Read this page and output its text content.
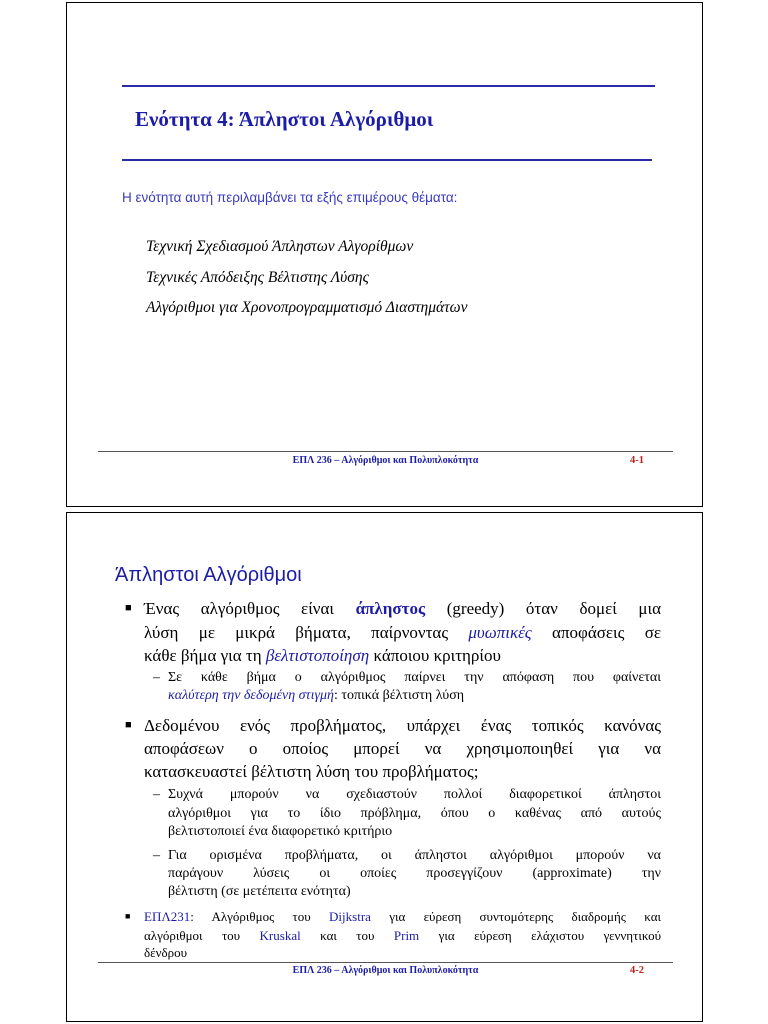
Ενότητα 4: Άπληστοι Αλγόριθμοι
Η ενότητα αυτή περιλαμβάνει τα εξής επιμέρους θέματα:
Τεχνική Σχεδιασμού Άπληστων Αλγορίθμων
Τεχνικές Απόδειξης Βέλτιστης Λύσης
Αλγόριθμοι για Χρονοπρογραμματισμό Διαστημάτων
ΕΠΛ 236 – Αλγόριθμοι και Πολυπλοκότητα	4-1
Άπληστοι Αλγόριθμοι
■ Ένας αλγόριθμος είναι άπληστος (greedy) όταν δομεί μια
λύση με μικρά βήματα, παίρνοντας μυωπικές αποφάσεις σε
κάθε βήμα για τη βελτιστοποίηση κάποιου κριτηρίου
– Σε κάθε βήμα ο αλγόριθμος παίρνει την απόφαση που φαίνεται
καλύτερη την δεδομένη στιγμή: τοπικά βέλτιστη λύση
■ Δεδομένου ενός προβλήματος, υπάρχει ένας τοπικός κανόνας
αποφάσεων ο οποίος μπορεί να χρησιμοποιηθεί για να
κατασκευαστεί βέλτιστη λύση του προβλήματος;
– Συχνά μπορούν να σχεδιαστούν πολλοί διαφορετικοί άπληστοι
αλγόριθμοι για το ίδιο πρόβλημα, όπου ο καθένας από αυτούς
βελτιστοποιεί ένα διαφορετικό κριτήριο
– Για ορισμένα προβλήματα, οι άπληστοι αλγόριθμοι μπορούν να
παράγουν λύσεις οι οποίες προσεγγίζουν (approximate) την
βέλτιστη (σε μετέπειτα ενότητα)
■ ΕΠΛ231: Αλγόριθμος του Dijkstra για εύρεση συντομότερης διαδρομής και
αλγόριθμοι του Kruskal και του Prim για εύρεση ελάχιστου γεννητικού
δένδρου
ΕΠΛ 236 – Αλγόριθμοι και Πολυπλοκότητα	4-2
